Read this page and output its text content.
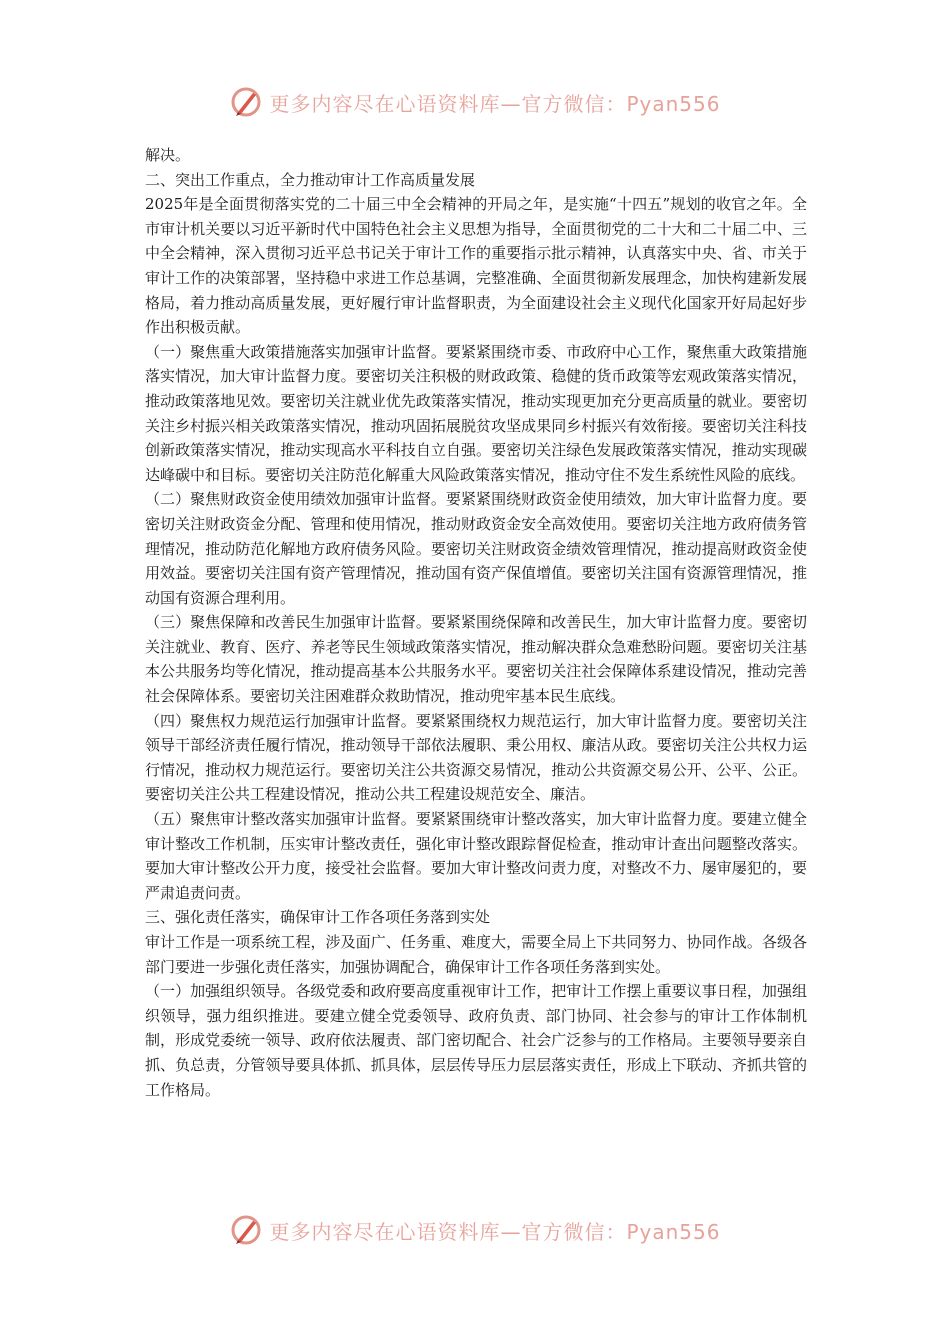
更多内容尽在心语资料库—官方微信：Pyan556

解决。

二、突出工作重点，全力推动审计工作高质量发展

2025年是全面贯彻落实党的二十届三中全会精神的开局之年，是实施“十四五”规划的收官之年。全市审计机关要以习近平新时代中国特色社会主义思想为指导，全面贯彻党的二十大和二十届二中、三中全会精神，深入贯彻习近平总书记关于审计工作的重要指示批示精神，认真落实中央、省、市关于审计工作的决策部署，坚持稳中求进工作总基调，完整准确、全面贯彻新发展理念，加快构建新发展格局，着力推动高质量发展，更好履行审计监督职责，为全面建设社会主义现代化国家开好局起好步作出积极贡献。

（一）聚焦重大政策措施落实加强审计监督。要紧紧围绕市委、市政府中心工作，聚焦重大政策措施落实情况，加大审计监督力度。要密切关注积极的财政政策、稳健的货币政策等宏观政策落实情况，推动政策落地见效。要密切关注就业优先政策落实情况，推动实现更加充分更高质量的就业。要密切关注乡村振兴相关政策落实情况，推动巩固拓展脱贫攻坚成果同乡村振兴有效衔接。要密切关注科技创新政策落实情况，推动实现高水平科技自立自强。要密切关注绿色发展政策落实情况，推动实现碳达峰碳中和目标。要密切关注防范化解重大风险政策落实情况，推动守住不发生系统性风险的底线。

（二）聚焦财政资金使用绩效加强审计监督。要紧紧围绕财政资金使用绩效，加大审计监督力度。要密切关注财政资金分配、管理和使用情况，推动财政资金安全高效使用。要密切关注地方政府债务管理情况，推动防范化解地方政府债务风险。要密切关注财政资金绩效管理情况，推动提高财政资金使用效益。要密切关注国有资产管理情况，推动国有资产保值增值。要密切关注国有资源管理情况，推动国有资源合理利用。

（三）聚焦保障和改善民生加强审计监督。要紧紧围绕保障和改善民生，加大审计监督力度。要密切关注就业、教育、医疗、养老等民生领域政策落实情况，推动解决群众急难愁盼问题。要密切关注基本公共服务均等化情况，推动提高基本公共服务水平。要密切关注社会保障体系建设情况，推动完善社会保障体系。要密切关注困难群众救助情况，推动兜牢基本民生底线。

（四）聚焦权力规范运行加强审计监督。要紧紧围绕权力规范运行，加大审计监督力度。要密切关注领导干部经济责任履行情况，推动领导干部依法履职、秉公用权、廉洁从政。要密切关注公共权力运行情况，推动权力规范运行。要密切关注公共资源交易情况，推动公共资源交易公开、公平、公正。要密切关注公共工程建设情况，推动公共工程建设规范安全、廉洁。

（五）聚焦审计整改落实加强审计监督。要紧紧围绕审计整改落实，加大审计监督力度。要建立健全审计整改工作机制，压实审计整改责任，强化审计整改跟踪督促检查，推动审计查出问题整改落实。要加大审计整改公开力度，接受社会监督。要加大审计整改问责力度，对整改不力、屡审屡犯的，要严肃追责问责。

三、强化责任落实，确保审计工作各项任务落到实处

审计工作是一项系统工程，涉及面广、任务重、难度大，需要全局上下共同努力、协同作战。各级各部门要进一步强化责任落实，加强协调配合，确保审计工作各项任务落到实处。

（一）加强组织领导。各级党委和政府要高度重视审计工作，把审计工作摆上重要议事日程，加强组织领导，强力组织推进。要建立健全党委领导、政府负责、部门协同、社会参与的审计工作体制机制，形成党委统一领导、政府依法履责、部门密切配合、社会广泛参与的工作格局。主要领导要亲自抓、负总责，分管领导要具体抓、抓具体，层层传导压力层层落实责任，形成上下联动、齐抓共管的工作格局。

更多内容尽在心语资料库—官方微信：Pyan556
